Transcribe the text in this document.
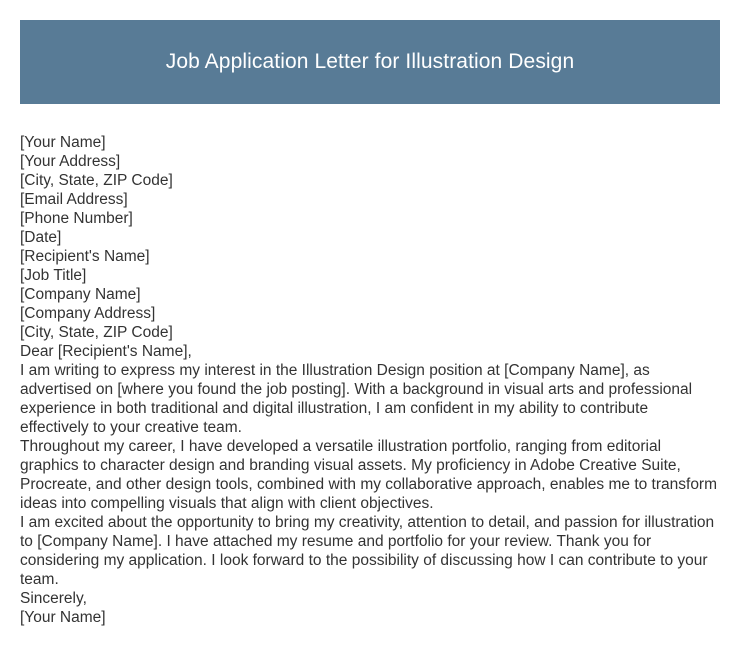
Job Application Letter for Illustration Design
[Your Name]
[Your Address]
[City, State, ZIP Code]
[Email Address]
[Phone Number]
[Date]
[Recipient's Name]
[Job Title]
[Company Name]
[Company Address]
[City, State, ZIP Code]
Dear [Recipient's Name],
I am writing to express my interest in the Illustration Design position at [Company Name], as advertised on [where you found the job posting]. With a background in visual arts and professional experience in both traditional and digital illustration, I am confident in my ability to contribute effectively to your creative team.
Throughout my career, I have developed a versatile illustration portfolio, ranging from editorial graphics to character design and branding visual assets. My proficiency in Adobe Creative Suite, Procreate, and other design tools, combined with my collaborative approach, enables me to transform ideas into compelling visuals that align with client objectives.
I am excited about the opportunity to bring my creativity, attention to detail, and passion for illustration to [Company Name]. I have attached my resume and portfolio for your review. Thank you for considering my application. I look forward to the possibility of discussing how I can contribute to your team.
Sincerely,
[Your Name]
